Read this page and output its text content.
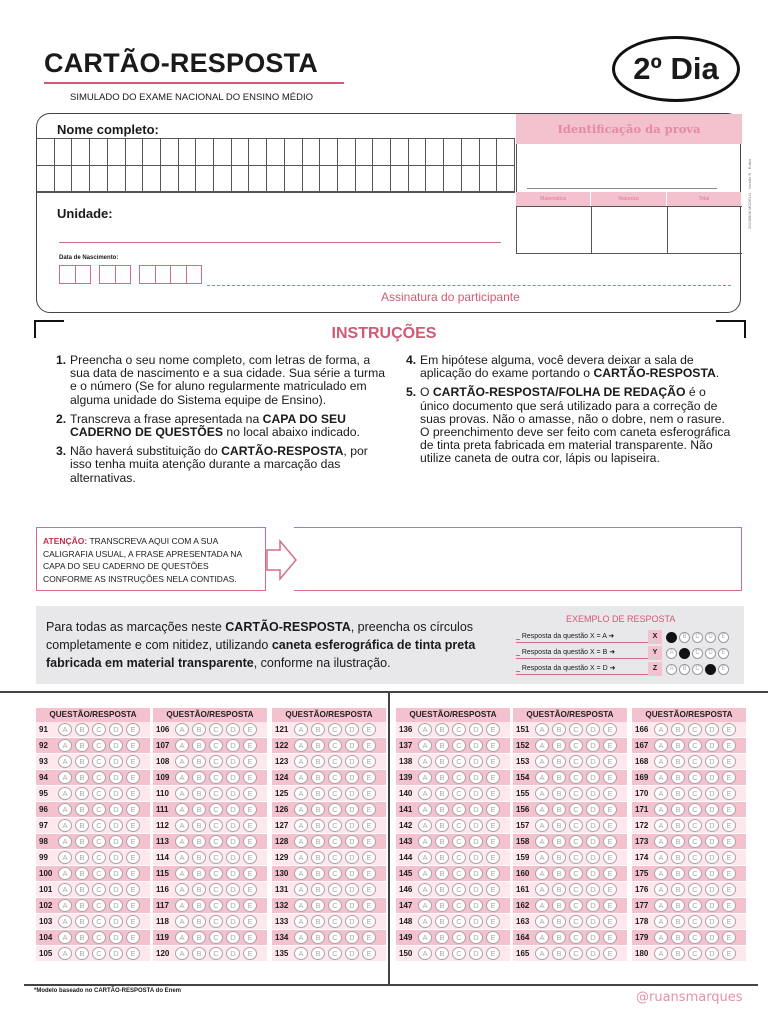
CARTÃO-RESPOSTA
SIMULADO DO EXAME NACIONAL DO ENSINO MÉDIO
2º Dia
Nome completo:
Unidade:
Data de Nascimento:
Assinatura do participante
Identificação da prova
Matemática	Natureza	Total	20240808 MODELO · Versão R · Editor
INSTRUÇÕES
1. Preencha o seu nome completo, com letras de forma, a sua data de nascimento e a sua cidade. Sua série a turma e o número (Se for aluno regularmente matriculado em alguma unidade do Sistema equipe de Ensino).
2. Transcreva a frase apresentada na CAPA DO SEU CADERNO DE QUESTÕES no local abaixo indicado.
3. Não haverá substituição do CARTÃO-RESPOSTA, por isso tenha muita atenção durante a marcação das alternativas.
4. Em hipótese alguma, você devera deixar a sala de aplicação do exame portando o CARTÃO-RESPOSTA.
5. O CARTÃO-RESPOSTA/FOLHA DE REDAÇÃO é o único documento que será utilizado para a correção de suas provas. Não o amasse, não o dobre, nem o rasure. O preenchimento deve ser feito com caneta esferográfica de tinta preta fabricada em material transparente. Não utilize caneta de outra cor, lápis ou lapiseira.
ATENÇÃO: TRANSCREVA AQUI COM A SUA CALIGRAFIA USUAL, A FRASE APRESENTADA NA CAPA DO SEU CADERNO DE QUESTÕES CONFORME AS INSTRUÇÕES NELA CONTIDAS.
Para todas as marcações neste CARTÃO-RESPOSTA, preencha os círculos completamente e com nitidez, utilizando caneta esferográfica de tinta preta fabricada em material transparente, conforme na ilustração.
EXEMPLO DE RESPOSTA
_ Resposta da questão X = A ➜	X	B	C	D	E
_ Resposta da questão X = B ➜	Y	A	C	D	E
_ Resposta da questão X = D ➜	Z	A	B	C	E
QUESTÃO/RESPOSTA
91	A	B	C	D	E
92	A	B	C	D	E
93	A	B	C	D	E
94	A	B	C	D	E
95	A	B	C	D	E
96	A	B	C	D	E
97	A	B	C	D	E
98	A	B	C	D	E
99	A	B	C	D	E
100	A	B	C	D	E
101	A	B	C	D	E
102	A	B	C	D	E
103	A	B	C	D	E
104	A	B	C	D	E
105	A	B	C	D	E
QUESTÃO/RESPOSTA
106	A	B	C	D	E
107	A	B	C	D	E
108	A	B	C	D	E
109	A	B	C	D	E
110	A	B	C	D	E
111	A	B	C	D	E
112	A	B	C	D	E
113	A	B	C	D	E
114	A	B	C	D	E
115	A	B	C	D	E
116	A	B	C	D	E
117	A	B	C	D	E
118	A	B	C	D	E
119	A	B	C	D	E
120	A	B	C	D	E
QUESTÃO/RESPOSTA
121	A	B	C	D	E
122	A	B	C	D	E
123	A	B	C	D	E
124	A	B	C	D	E
125	A	B	C	D	E
126	A	B	C	D	E
127	A	B	C	D	E
128	A	B	C	D	E
129	A	B	C	D	E
130	A	B	C	D	E
131	A	B	C	D	E
132	A	B	C	D	E
133	A	B	C	D	E
134	A	B	C	D	E
135	A	B	C	D	E
QUESTÃO/RESPOSTA
136	A	B	C	D	E
137	A	B	C	D	E
138	A	B	C	D	E
139	A	B	C	D	E
140	A	B	C	D	E
141	A	B	C	D	E
142	A	B	C	D	E
143	A	B	C	D	E
144	A	B	C	D	E
145	A	B	C	D	E
146	A	B	C	D	E
147	A	B	C	D	E
148	A	B	C	D	E
149	A	B	C	D	E
150	A	B	C	D	E
QUESTÃO/RESPOSTA
151	A	B	C	D	E
152	A	B	C	D	E
153	A	B	C	D	E
154	A	B	C	D	E
155	A	B	C	D	E
156	A	B	C	D	E
157	A	B	C	D	E
158	A	B	C	D	E
159	A	B	C	D	E
160	A	B	C	D	E
161	A	B	C	D	E
162	A	B	C	D	E
163	A	B	C	D	E
164	A	B	C	D	E
165	A	B	C	D	E
QUESTÃO/RESPOSTA
166	A	B	C	D	E
167	A	B	C	D	E
168	A	B	C	D	E
169	A	B	C	D	E
170	A	B	C	D	E
171	A	B	C	D	E
172	A	B	C	D	E
173	A	B	C	D	E
174	A	B	C	D	E
175	A	B	C	D	E
176	A	B	C	D	E
177	A	B	C	D	E
178	A	B	C	D	E
179	A	B	C	D	E
180	A	B	C	D	E
*Modelo baseado no CARTÃO-RESPOSTA do Enem	@ruansmarques
